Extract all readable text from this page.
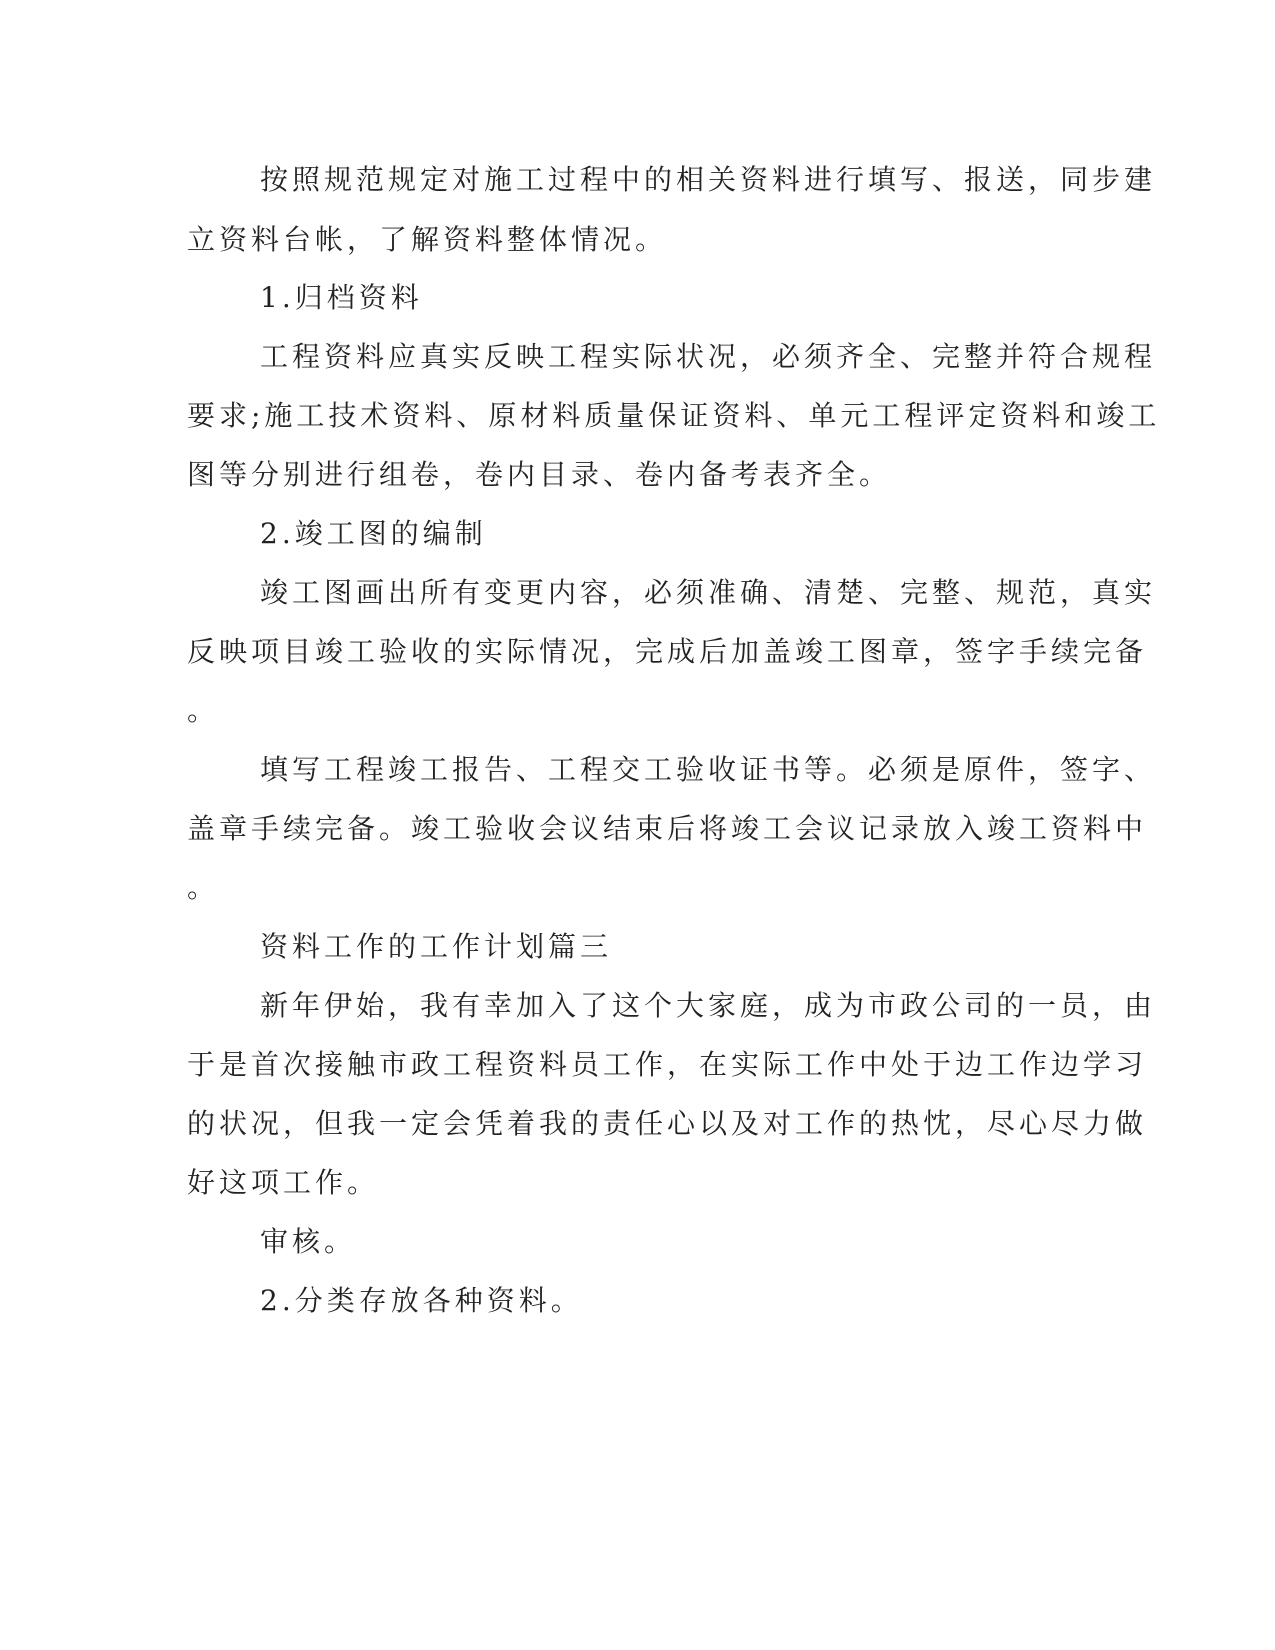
按照规范规定对施工过程中的相关资料进行填写、报送，同步建
立资料台帐，了解资料整体情况。
1.归档资料
工程资料应真实反映工程实际状况，必须齐全、完整并符合规程
要求;施工技术资料、原材料质量保证资料、单元工程评定资料和竣工
图等分别进行组卷，卷内目录、卷内备考表齐全。
2.竣工图的编制
竣工图画出所有变更内容，必须准确、清楚、完整、规范，真实
反映项目竣工验收的实际情况，完成后加盖竣工图章，签字手续完备
。
填写工程竣工报告、工程交工验收证书等。必须是原件，签字、
盖章手续完备。竣工验收会议结束后将竣工会议记录放入竣工资料中
。
资料工作的工作计划篇三
新年伊始，我有幸加入了这个大家庭，成为市政公司的一员，由
于是首次接触市政工程资料员工作，在实际工作中处于边工作边学习
的状况，但我一定会凭着我的责任心以及对工作的热忱，尽心尽力做
好这项工作。
审核。
2.分类存放各种资料。
